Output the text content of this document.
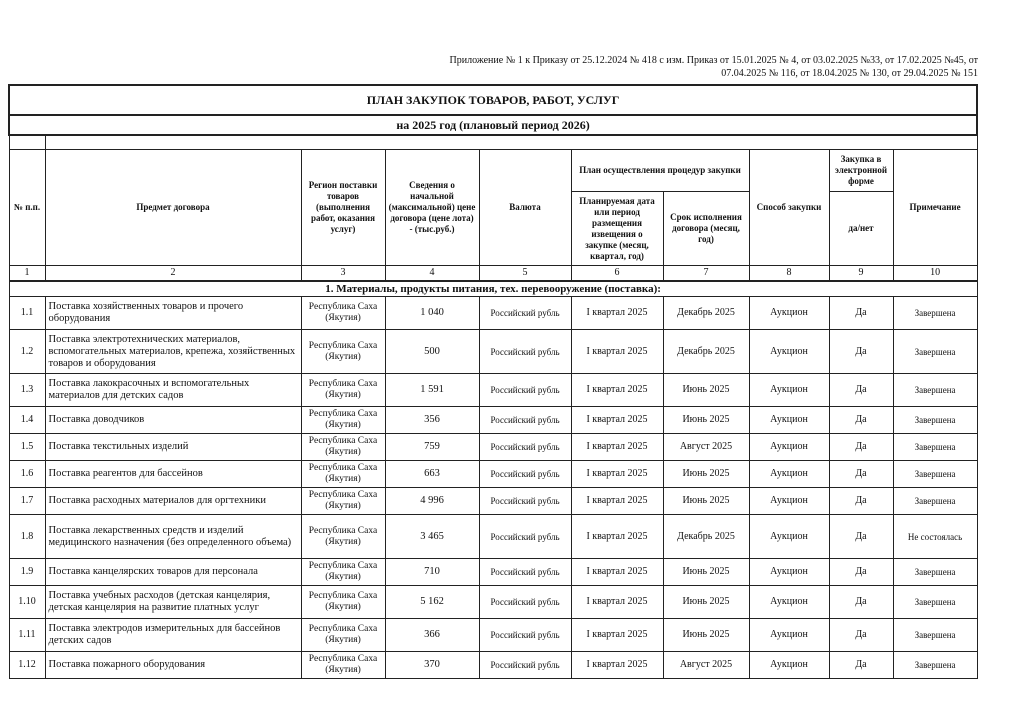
Приложение № 1 к Приказу от 25.12.2024 № 418 с изм. Приказ от 15.01.2025 № 4, от 03.02.2025 №33, от 17.02.2025 №45, от
07.04.2025 № 116, от 18.04.2025 № 130, от 29.04.2025 № 151
ПЛАН ЗАКУПОК ТОВАРОВ, РАБОТ, УСЛУГ									
на 2025 год (плановый период 2026)									

№ п.п.	Предмет договора	Регион поставки товаров (выполнения работ, оказания услуг)	Сведения о начальной (максимальной) цене договора (цене лота) - (тыс.руб.)	Валюта	План осуществления процедур закупки		Способ закупки	Закупка в электронной форме	Примечание
					Планируемая дата или период размещения извещения о закупке (месяц, квартал, год)	Срок исполнения договора (месяц, год)		да/нет	
1	2	3	4	5	6	7	8	9	10
1. Материалы, продукты питания, тех. перевооружение (поставка):									
1.1	Поставка хозяйственных товаров и прочего оборудования	Республика Саха (Якутия)	1 040	Российский рубль	I квартал 2025	Декабрь 2025	Аукцион	Да	Завершена
1.2	Поставка электротехнических материалов, вспомогательных материалов, крепежа, хозяйственных товаров и оборудования	Республика Саха (Якутия)	500	Российский рубль	I квартал 2025	Декабрь 2025	Аукцион	Да	Завершена
1.3	Поставка лакокрасочных и вспомогательных материалов для детских садов	Республика Саха (Якутия)	1 591	Российский рубль	I квартал 2025	Июнь 2025	Аукцион	Да	Завершена
1.4	Поставка доводчиков	Республика Саха (Якутия)	356	Российский рубль	I квартал 2025	Июнь 2025	Аукцион	Да	Завершена
1.5	Поставка текстильных изделий	Республика Саха (Якутия)	759	Российский рубль	I квартал 2025	Август 2025	Аукцион	Да	Завершена
1.6	Поставка реагентов для бассейнов	Республика Саха (Якутия)	663	Российский рубль	I квартал 2025	Июнь 2025	Аукцион	Да	Завершена
1.7	Поставка расходных материалов для оргтехники	Республика Саха (Якутия)	4 996	Российский рубль	I квартал 2025	Июнь 2025	Аукцион	Да	Завершена
1.8	Поставка лекарственных средств и изделий медицинского назначения (без определенного объема)	Республика Саха (Якутия)	3 465	Российский рубль	I квартал 2025	Декабрь 2025	Аукцион	Да	Не состоялась
1.9	Поставка канцелярских товаров для персонала	Республика Саха (Якутия)	710	Российский рубль	I квартал 2025	Июнь 2025	Аукцион	Да	Завершена
1.10	Поставка учебных расходов (детская канцелярия, детская канцелярия на развитие платных услуг	Республика Саха (Якутия)	5 162	Российский рубль	I квартал 2025	Июнь 2025	Аукцион	Да	Завершена
1.11	Поставка электродов измерительных для бассейнов детских садов	Республика Саха (Якутия)	366	Российский рубль	I квартал 2025	Июнь 2025	Аукцион	Да	Завершена
1.12	Поставка пожарного оборудования	Республика Саха (Якутия)	370	Российский рубль	I квартал 2025	Август 2025	Аукцион	Да	Завершена
